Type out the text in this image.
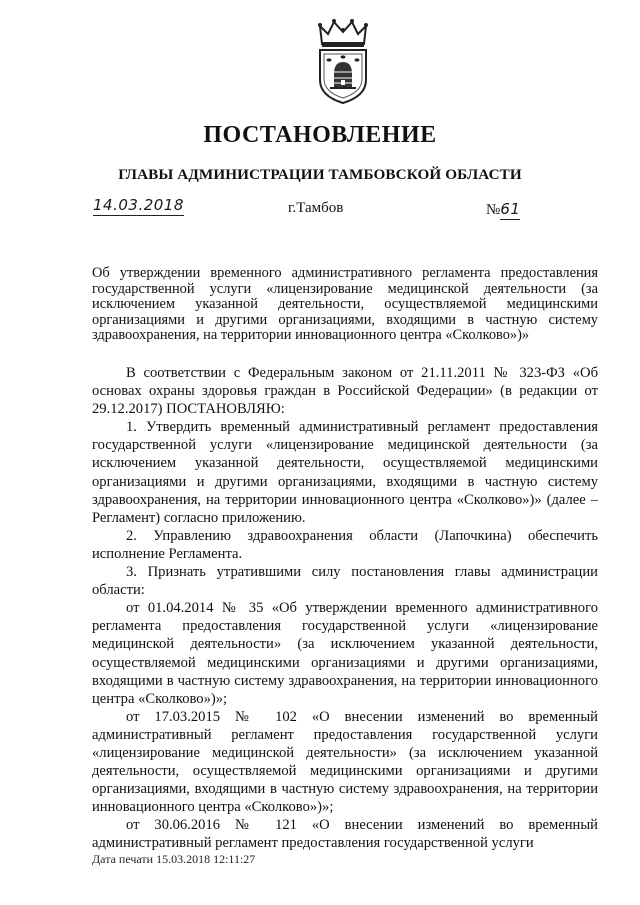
ПОСТАНОВЛЕНИЕ
ГЛАВЫ АДМИНИСТРАЦИИ ТАМБОВСКОЙ ОБЛАСТИ
14.03.2018	г.Тамбов	№61

Об утверждении временного административного регламента предоставления государственной услуги «лицензирование медицинской деятельности (за исключением указанной деятельности, осуществляемой медицинскими организациями и другими организациями, входящими в частную систему здравоохранения, на территории инновационного центра «Сколково»)»

В соответствии с Федеральным законом от 21.11.2011 № 323-ФЗ «Об основах охраны здоровья граждан в Российской Федерации» (в редакции от 29.12.2017) ПОСТАНОВЛЯЮ:

1. Утвердить временный административный регламент предоставления государственной услуги «лицензирование медицинской деятельности (за исключением указанной деятельности, осуществляемой медицинскими организациями и другими организациями, входящими в частную систему здравоохранения, на территории инновационного центра «Сколково»)» (далее – Регламент) согласно приложению.

2. Управлению здравоохранения области (Лапочкина) обеспечить исполнение Регламента.

3. Признать утратившими силу постановления главы администрации области:

от 01.04.2014 № 35 «Об утверждении временного административного регламента предоставления государственной услуги «лицензирование медицинской деятельности» (за исключением указанной деятельности, осуществляемой медицинскими организациями и другими организациями, входящими в частную систему здравоохранения, на территории инновационного центра «Сколково»)»;

от 17.03.2015 № 102 «О внесении изменений во временный административный регламент предоставления государственной услуги «лицензирование медицинской деятельности» (за исключением указанной деятельности, осуществляемой медицинскими организациями и другими организациями, входящими в частную систему здравоохранения, на территории инновационного центра «Сколково»)»;

от 30.06.2016 № 121 «О внесении изменений во временный административный регламент предоставления государственной услуги

Дата печати 15.03.2018 12:11:27
